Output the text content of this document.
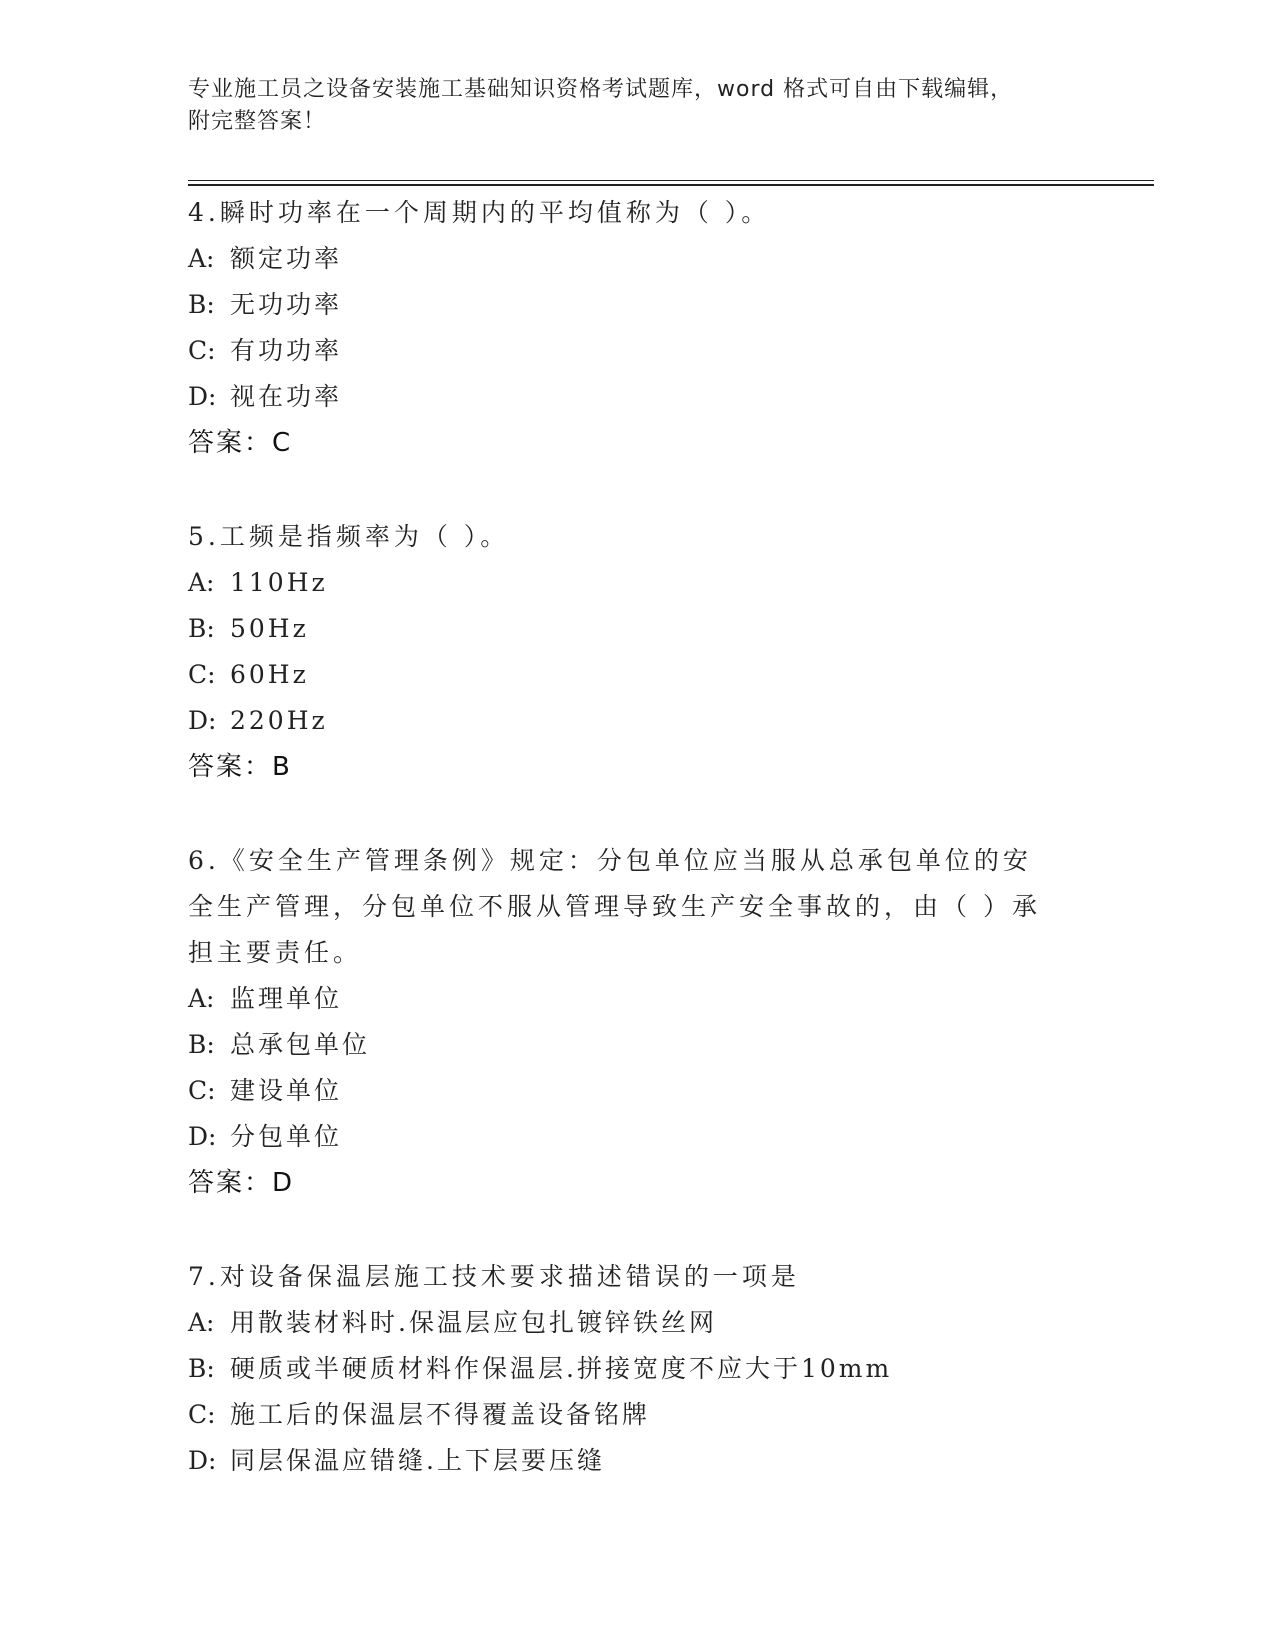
专业施工员之设备安装施工基础知识资格考试题库，word 格式可自由下载编辑，
附完整答案！
4.瞬时功率在一个周期内的平均值称为（ ）。
A: 额定功率
B: 无功功率
C: 有功功率
D: 视在功率
答案：C
5.工频是指频率为（ ）。
A: 110Hz
B: 50Hz
C: 60Hz
D: 220Hz
答案：B
6.《安全生产管理条例》规定：分包单位应当服从总承包单位的安全生产管理，分包单位不服从管理导致生产安全事故的，由（ ）承担主要责任。
A: 监理单位
B: 总承包单位
C: 建设单位
D: 分包单位
答案：D
7.对设备保温层施工技术要求描述错误的一项是
A: 用散装材料时.保温层应包扎镀锌铁丝网
B: 硬质或半硬质材料作保温层.拼接宽度不应大于10mm
C: 施工后的保温层不得覆盖设备铭牌
D: 同层保温应错缝.上下层要压缝
